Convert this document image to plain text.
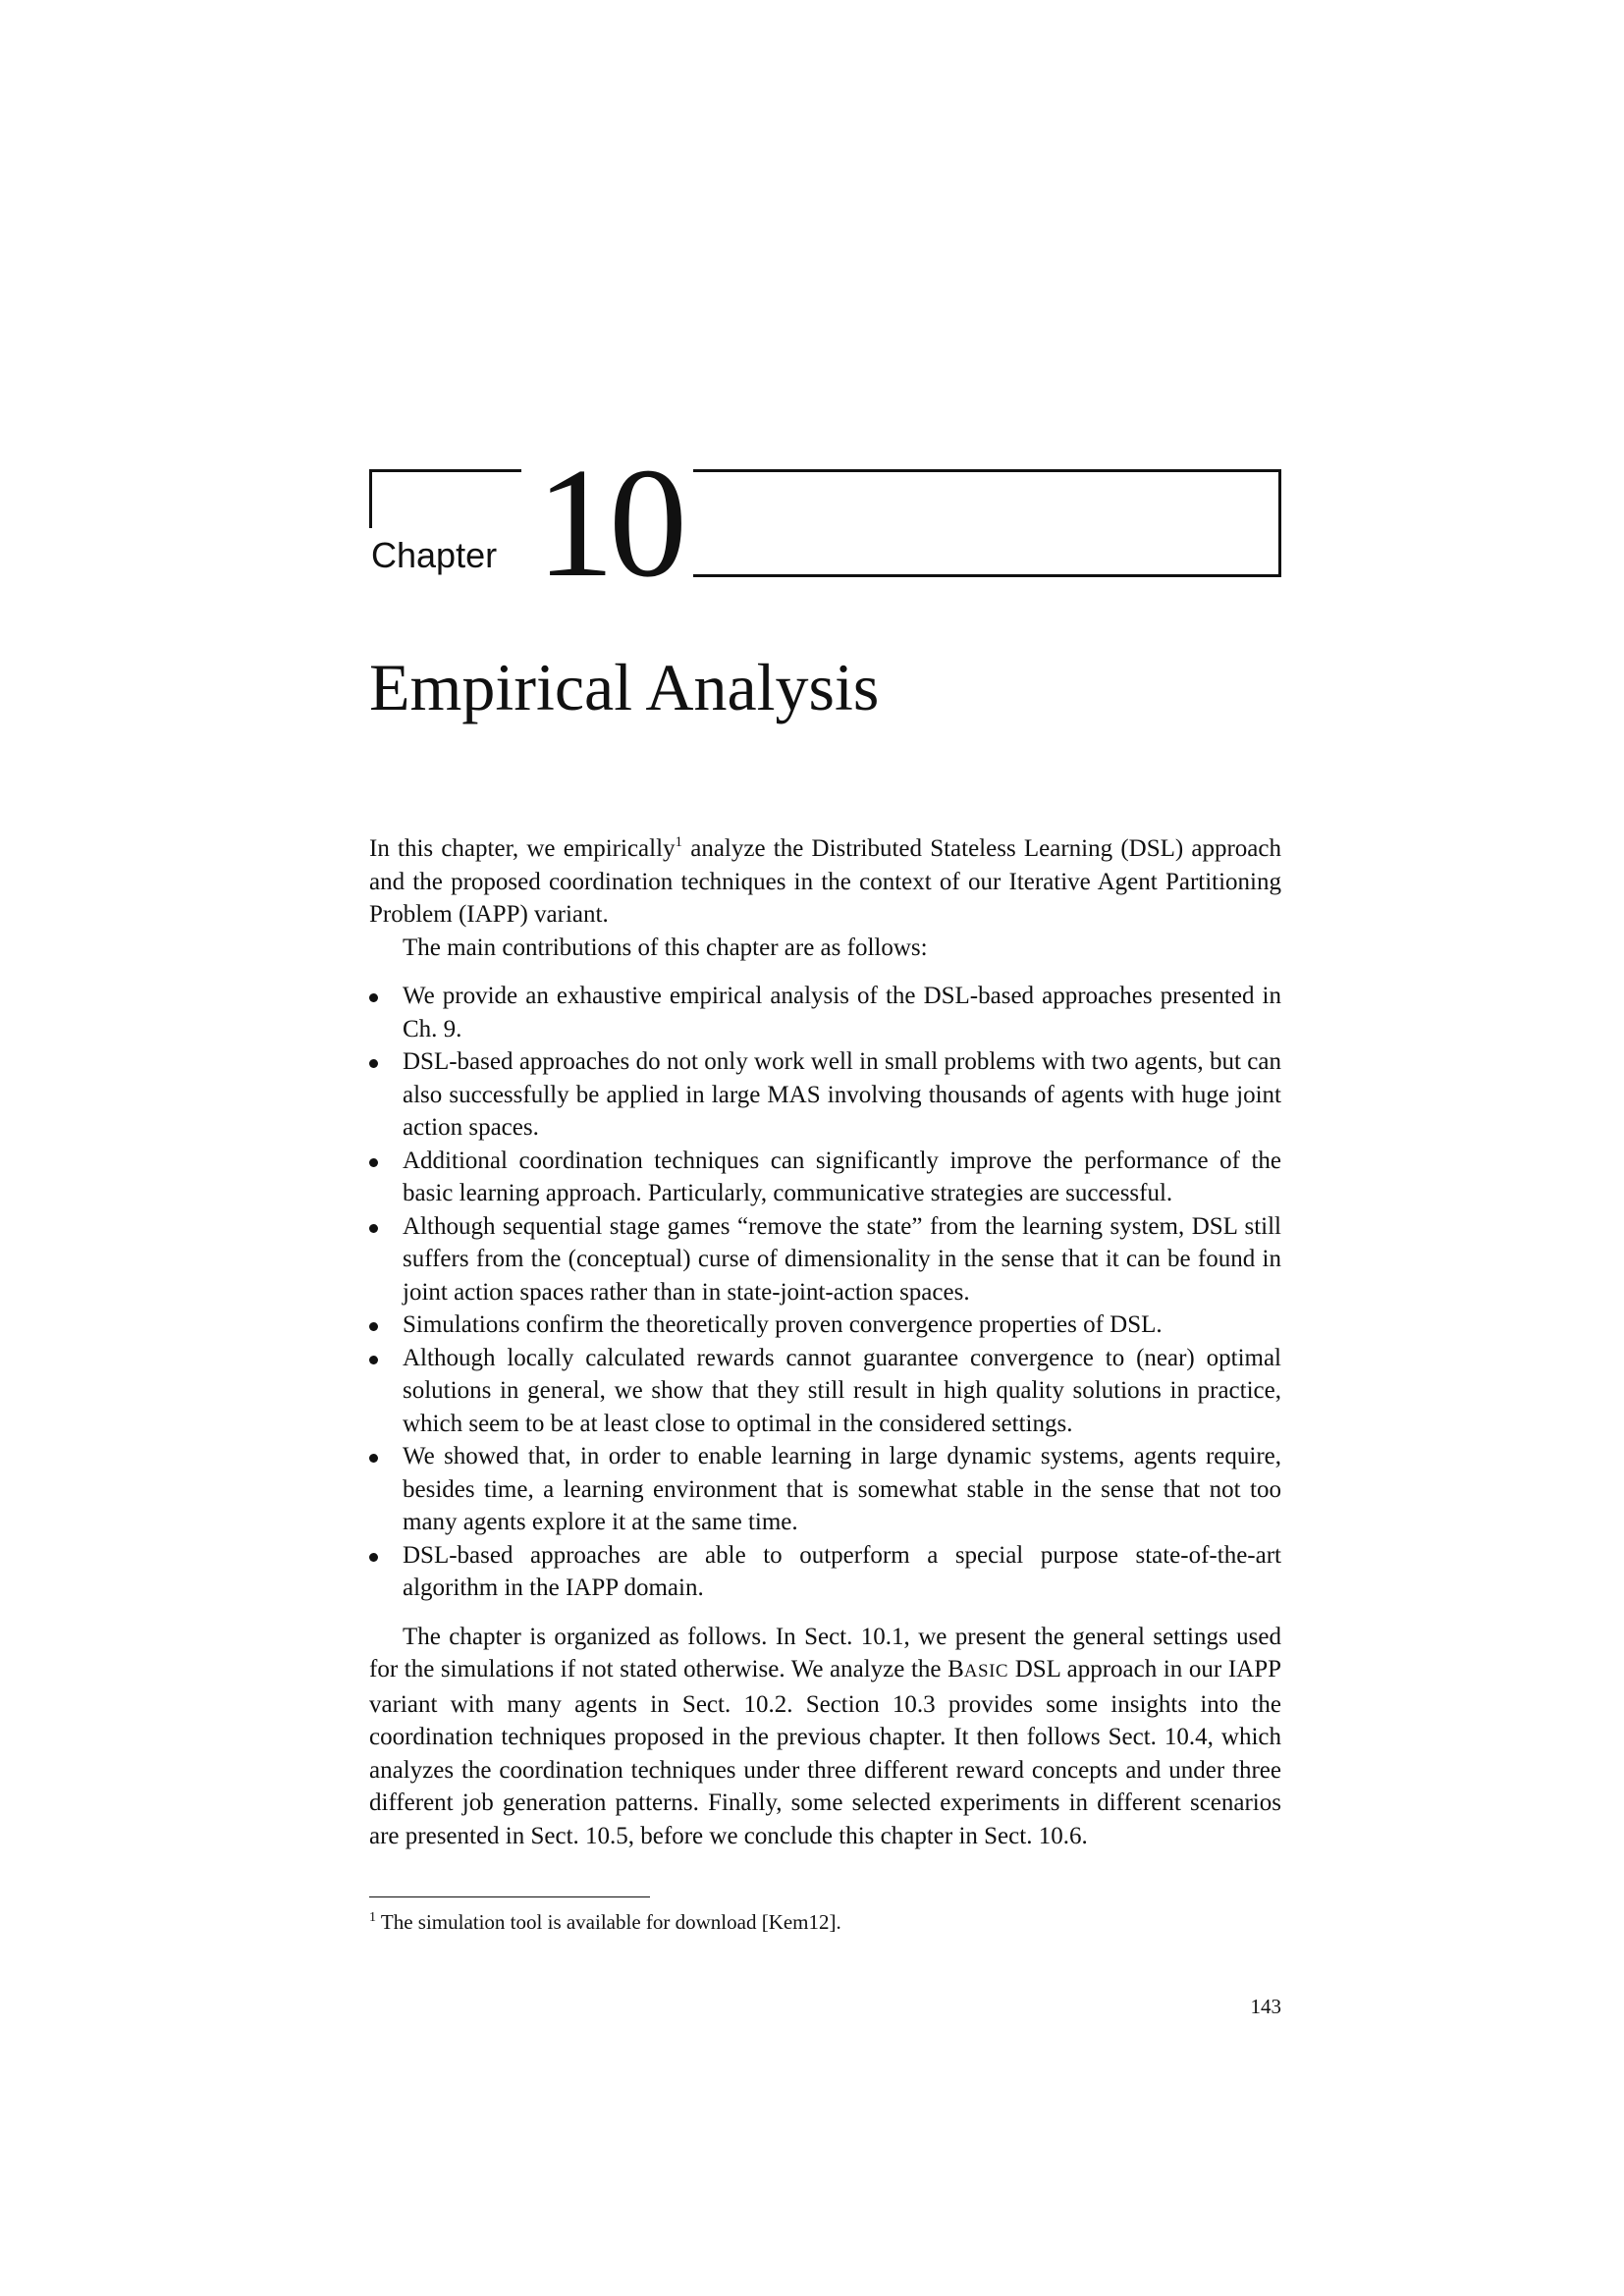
Chapter 10
Empirical Analysis

In this chapter, we empirically$^1$ analyze the Distributed Stateless Learning (DSL) approach and the proposed coordination techniques in the context of our Iterative Agent Partitioning Problem (IAPP) variant.

The main contributions of this chapter are as follows:

We provide an exhaustive empirical analysis of the DSL-based approaches presented in Ch. 9.
DSL-based approaches do not only work well in small problems with two agents, but can also successfully be applied in large MAS involving thousands of agents with huge joint action spaces.
Additional coordination techniques can significantly improve the performance of the basic learning approach. Particularly, communicative strategies are successful.
Although sequential stage games “remove the state” from the learning system, DSL still suffers from the (conceptual) curse of dimensionality in the sense that it can be found in joint action spaces rather than in state-joint-action spaces.
Simulations confirm the theoretically proven convergence properties of DSL.
Although locally calculated rewards cannot guarantee convergence to (near) optimal solutions in general, we show that they still result in high quality solutions in practice, which seem to be at least close to optimal in the considered settings.
We showed that, in order to enable learning in large dynamic systems, agents require, besides time, a learning environment that is somewhat stable in the sense that not too many agents explore it at the same time.
DSL-based approaches are able to outperform a special purpose state-of-the-art algorithm in the IAPP domain.

The chapter is organized as follows. In Sect. 10.1, we present the general settings used for the simulations if not stated otherwise. We analyze the BASIC DSL approach in our IAPP variant with many agents in Sect. 10.2. Section 10.3 provides some insights into the coordination techniques proposed in the previous chapter. It then follows Sect. 10.4, which analyzes the coordination techniques under three different reward concepts and under three different job generation patterns. Finally, some selected experiments in different scenarios are presented in Sect. 10.5, before we conclude this chapter in Sect. 10.6.

$^1$ The simulation tool is available for download [Kem12].
143
